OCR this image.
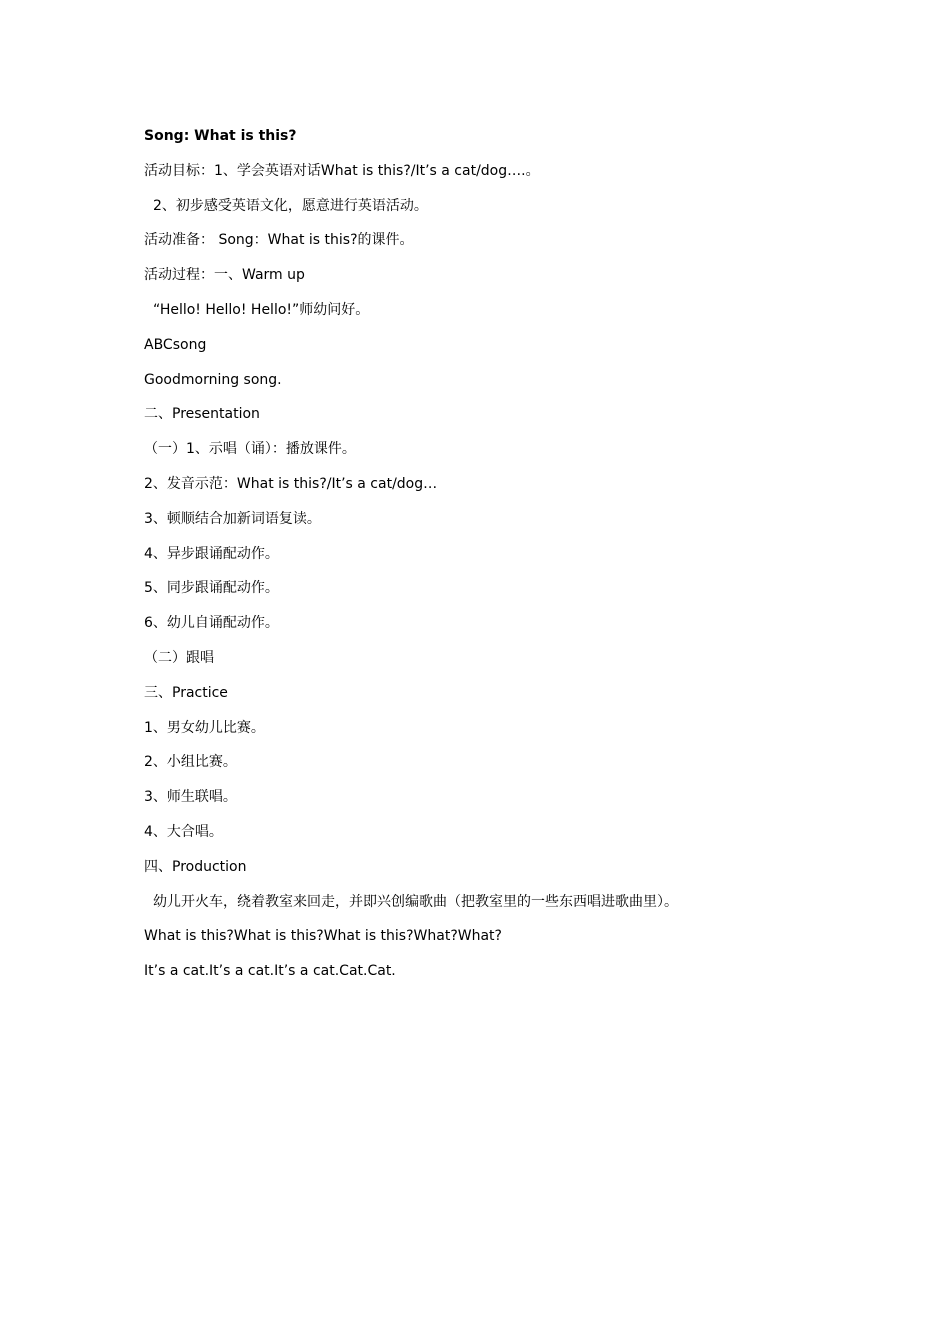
Song: What is this?
活动目标：1、学会英语对话What is this?/It’s a cat/dog….。
2、初步感受英语文化，愿意进行英语活动。
活动准备： Song：What is this?的课件。
活动过程：一、Warm up
“Hello! Hello! Hello!”师幼问好。
ABCsong
Goodmorning song.
二、Presentation
（一）1、示唱（诵）：播放课件。
2、发音示范：What is this?/It’s a cat/dog…
3、顿顺结合加新词语复读。
4、异步跟诵配动作。
5、同步跟诵配动作。
6、幼儿自诵配动作。
（二）跟唱
三、Practice
1、男女幼儿比赛。
2、小组比赛。
3、师生联唱。
4、大合唱。
四、Production
幼儿开火车，绕着教室来回走，并即兴创编歌曲（把教室里的一些东西唱进歌曲里）。
What is this?What is this?What is this?What?What?
It’s a cat.It’s a cat.It’s a cat.Cat.Cat.
